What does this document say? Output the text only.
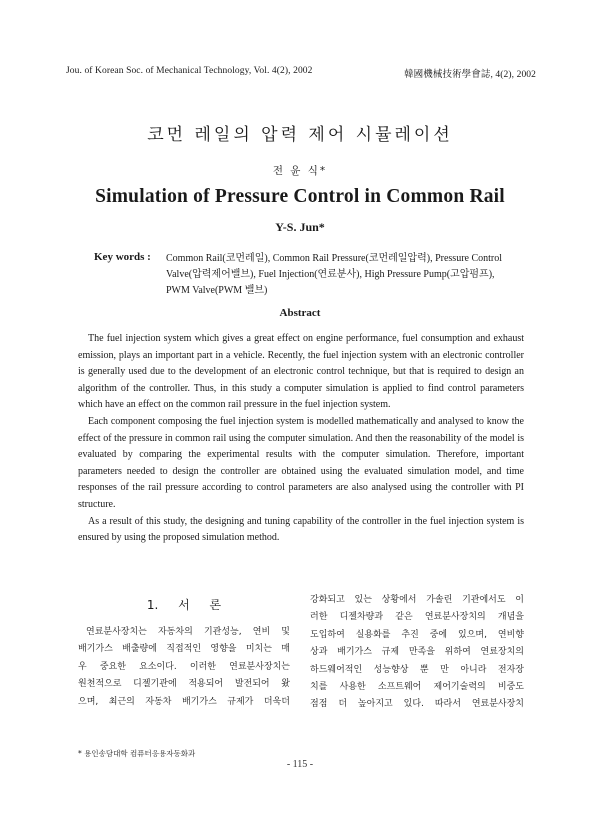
Jou. of Korean Soc. of Mechanical Technology, Vol. 4(2), 2002	韓國機械技術學會誌, 4(2), 2002
코먼 레일의 압력 제어 시뮬레이션
전 윤 식*
Simulation of Pressure Control in Common Rail
Y-S. Jun*
Key words : Common Rail(코먼레일), Common Rail Pressure(코먼레일압력), Pressure Control Valve(압력제어밸브), Fuel Injection(연료분사), High Pressure Pump(고압펌프), PWM Valve(PWM 밸브)
Abstract

The fuel injection system which gives a great effect on engine performance, fuel consumption and exhaust emission, plays an important part in a vehicle. Recently, the fuel injection system with an electronic controller is generally used due to the development of an electronic control technique, but that is required to design an algorithm of the controller. Thus, in this study a computer simulation is applied to find control parameters which have an effect on the common rail pressure in the fuel injection system.

Each component composing the fuel injection system is modelled mathematically and analysed to know the effect of the pressure in common rail using the computer simulation. And then the reasonability of the model is evaluated by comparing the experimental results with the computer simulation. Therefore, important parameters needed to design the controller are obtained using the evaluated simulation model, and time responses of the rail pressure according to control parameters are also analysed using the controller with PI structure.

As a result of this study, the designing and tuning capability of the controller in the fuel injection system is ensured by using the proposed simulation method.

1. 서 론
연료분사장치는 자동차의 기관성능, 연비 및
배기가스 배출량에 직접적인 영향을 미치는 매
우 중요한 요소이다. 이러한 연료분사장치는
원천적으로 디젤기관에 적용되어 발전되어 왔
으며, 최근의 자동차 배기가스 규제가 더욱더
강화되고 있는 상황에서 가솔린 기관에서도 이
러한 디젤차량과 같은 연료분사장치의 개념을
도입하여 실용화를 추진 중에 있으며, 연비향
상과 배기가스 규제 만족을 위하여 연료장치의
하드웨어적인 성능향상 뿐 만 아니라 전자장
치를 사용한 소프트웨어 제어기술력의 비중도
점점 더 높아지고 있다. 따라서 연료분사장치
* 용인송담대학 컴퓨터응용자동화과
- 115 -
